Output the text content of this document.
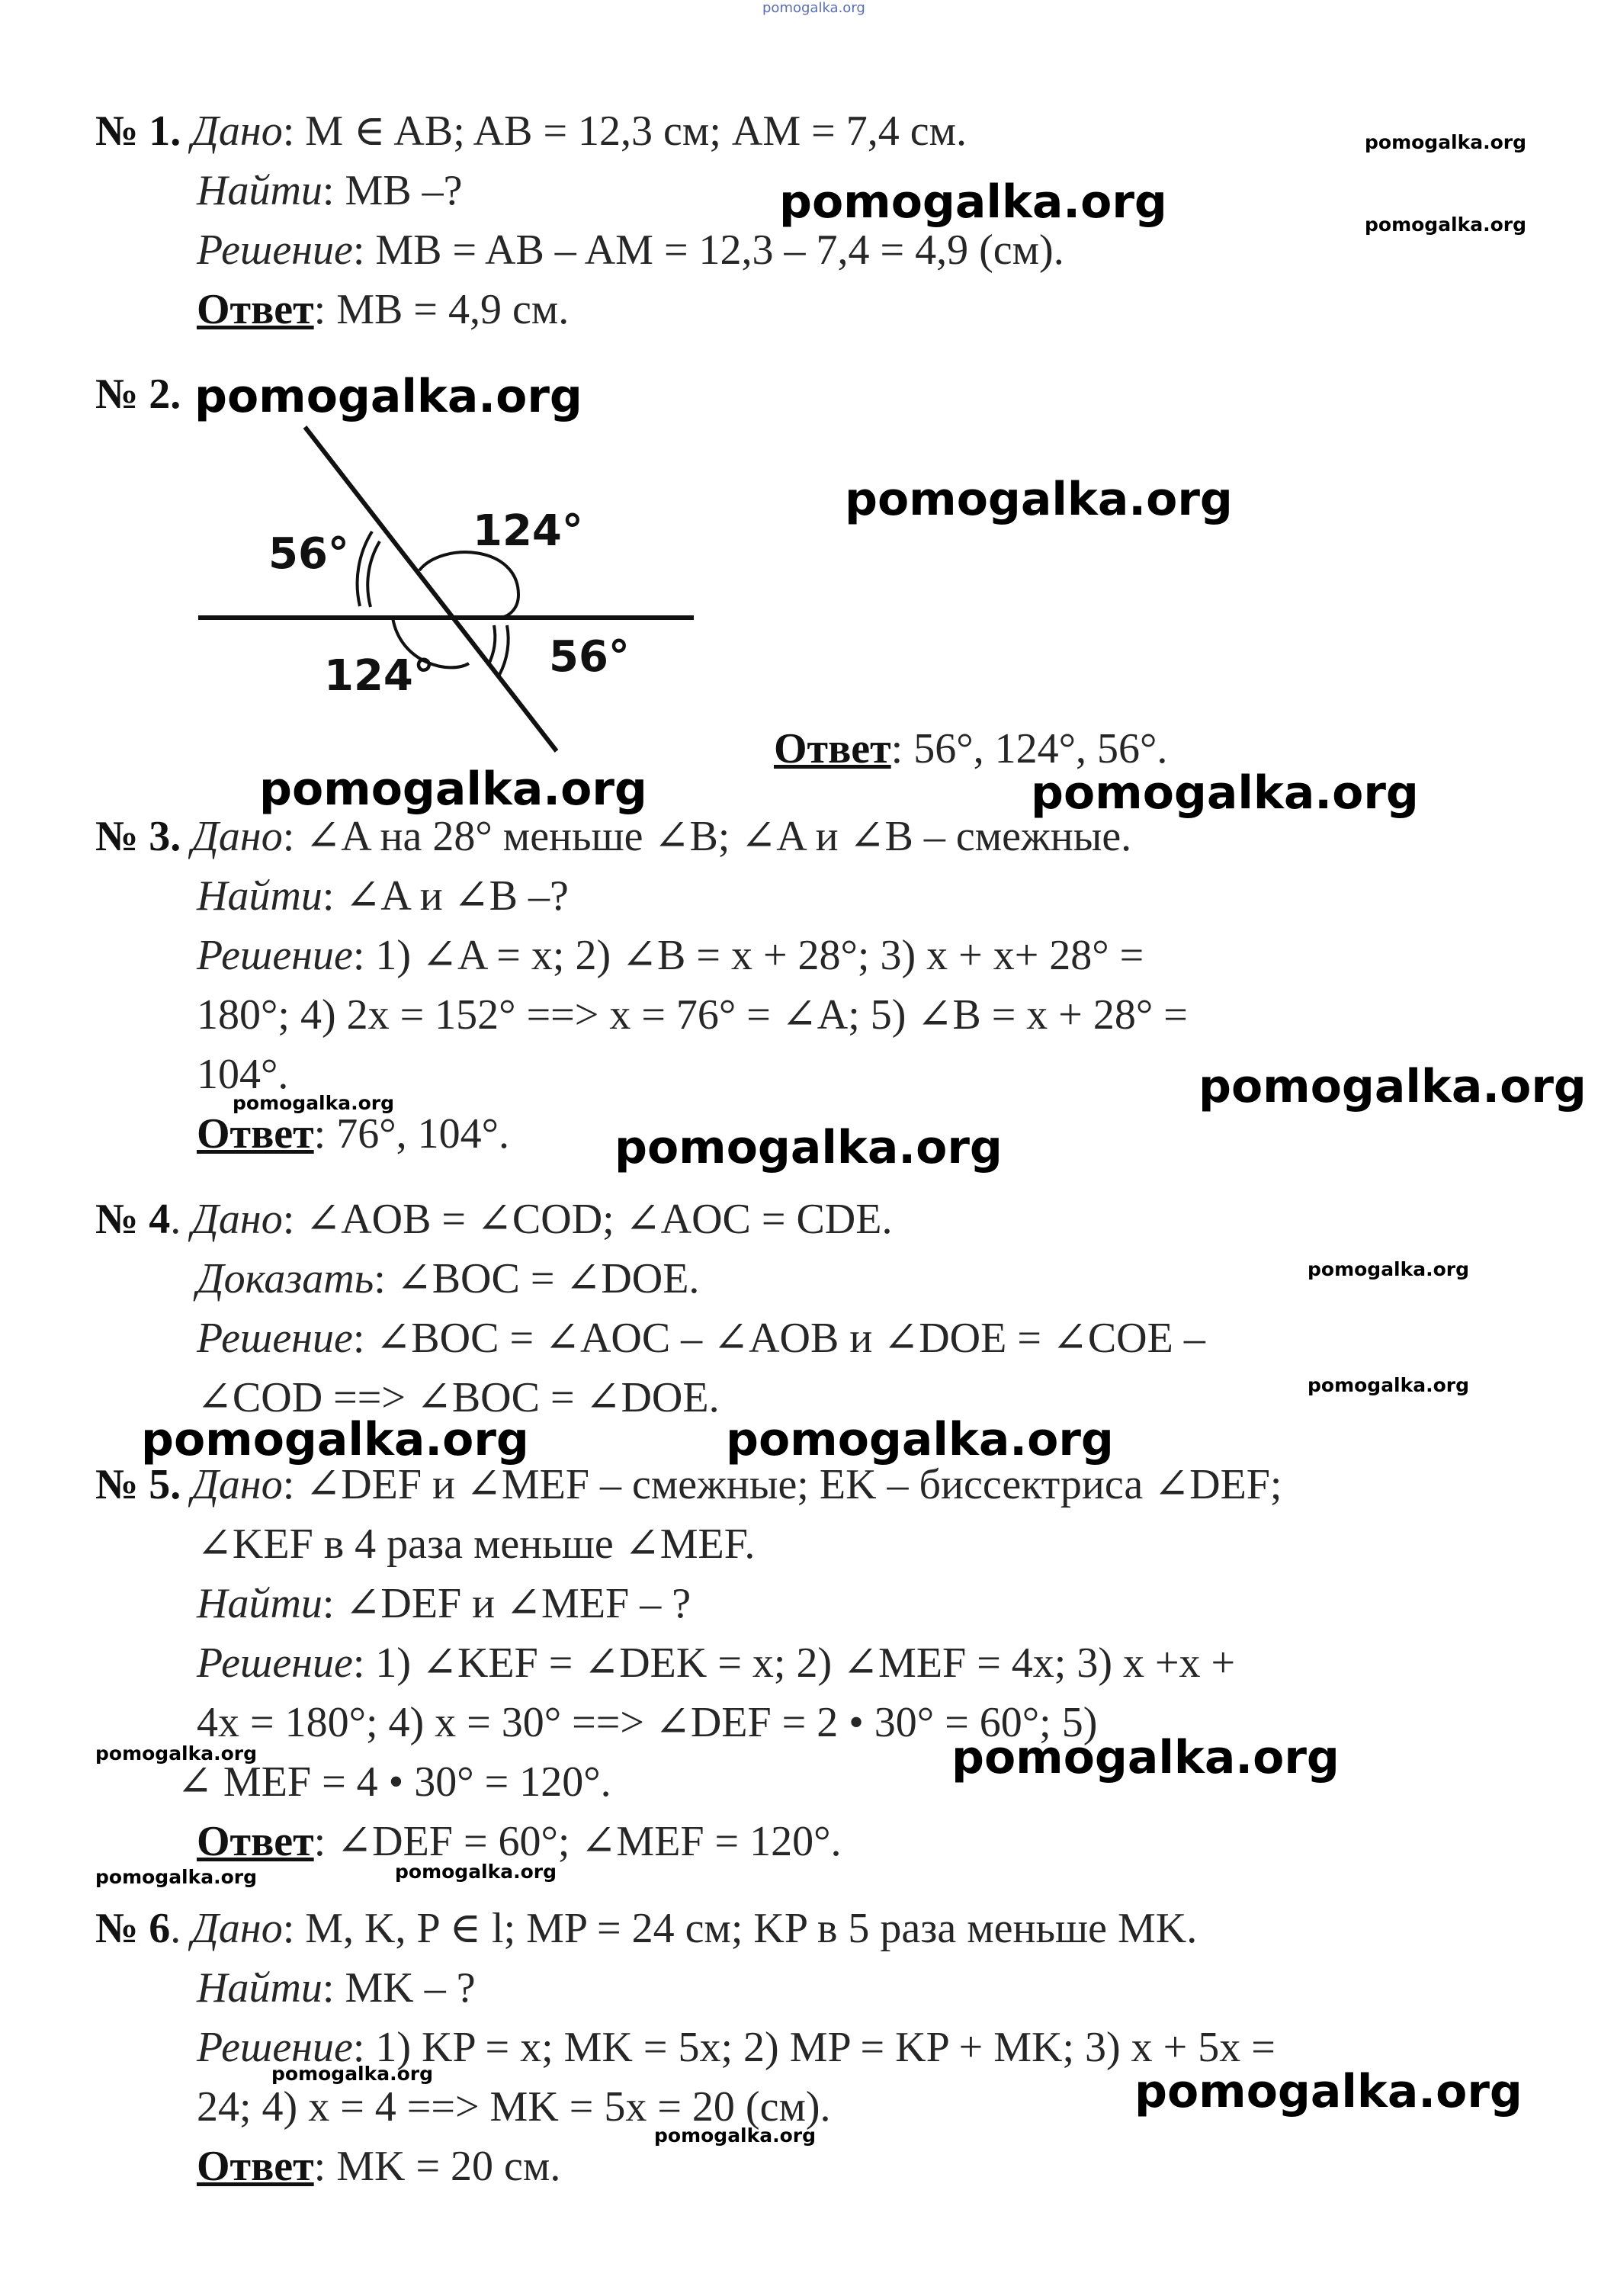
pomogalka.org
№ 1. Дано: M ∈ AB; AB = 12,3 см; AM = 7,4 см.
Найти: MB –?
Решение: MB = AB – AM = 12,3 – 7,4 = 4,9 (см).
Ответ: MB = 4,9 см.
№ 2.
56°	124°
124°	56°
Ответ: 56°, 124°, 56°.
№ 3. Дано: ∠A на 28° меньше ∠B; ∠A и ∠B – смежные.
Найти: ∠A и ∠B –?
Решение: 1) ∠A = x; 2) ∠B = x + 28°; 3) x + x+ 28° =
180°; 4) 2x = 152° ==> x = 76° = ∠A; 5) ∠B = x + 28° =
104°.
Ответ: 76°, 104°.
№ 4. Дано: ∠AOB = ∠COD; ∠AOC = CDE.
Доказать: ∠BOC = ∠DOE.
Решение: ∠BOC = ∠AOC – ∠AOB и ∠DOE = ∠COE –
∠COD ==> ∠BOC = ∠DOE.
№ 5. Дано: ∠DEF и ∠MEF – смежные; EK – биссектриса ∠DEF;
∠KEF в 4 раза меньше ∠MEF.
Найти: ∠DEF и ∠MEF – ?
Решение: 1) ∠KEF = ∠DEK = x; 2) ∠MEF = 4x; 3) x +x +
4x = 180°; 4) x = 30° ==> ∠DEF = 2 • 30° = 60°; 5)
∠ MEF = 4 • 30° = 120°.
Ответ: ∠DEF = 60°; ∠MEF = 120°.
№ 6. Дано: M, K, P ∈ l; MP = 24 см; KP в 5 раза меньше MK.
Найти: MK – ?
Решение: 1) KP = x; MK = 5x; 2) MP = KP + MK; 3) x + 5x =
24; 4) x = 4 ==> MK = 5x = 20 (см).
Ответ: MK = 20 см.
pomogalka.org
pomogalka.org
pomogalka.org
pomogalka.org
pomogalka.org
pomogalka.org	pomogalka.org
pomogalka.org	pomogalka.org
pomogalka.org
pomogalka.org
pomogalka.org
pomogalka.org	pomogalka.org
pomogalka.org	pomogalka.org
pomogalka.org	pomogalka.org
pomogalka.org	pomogalka.org
pomogalka.org
